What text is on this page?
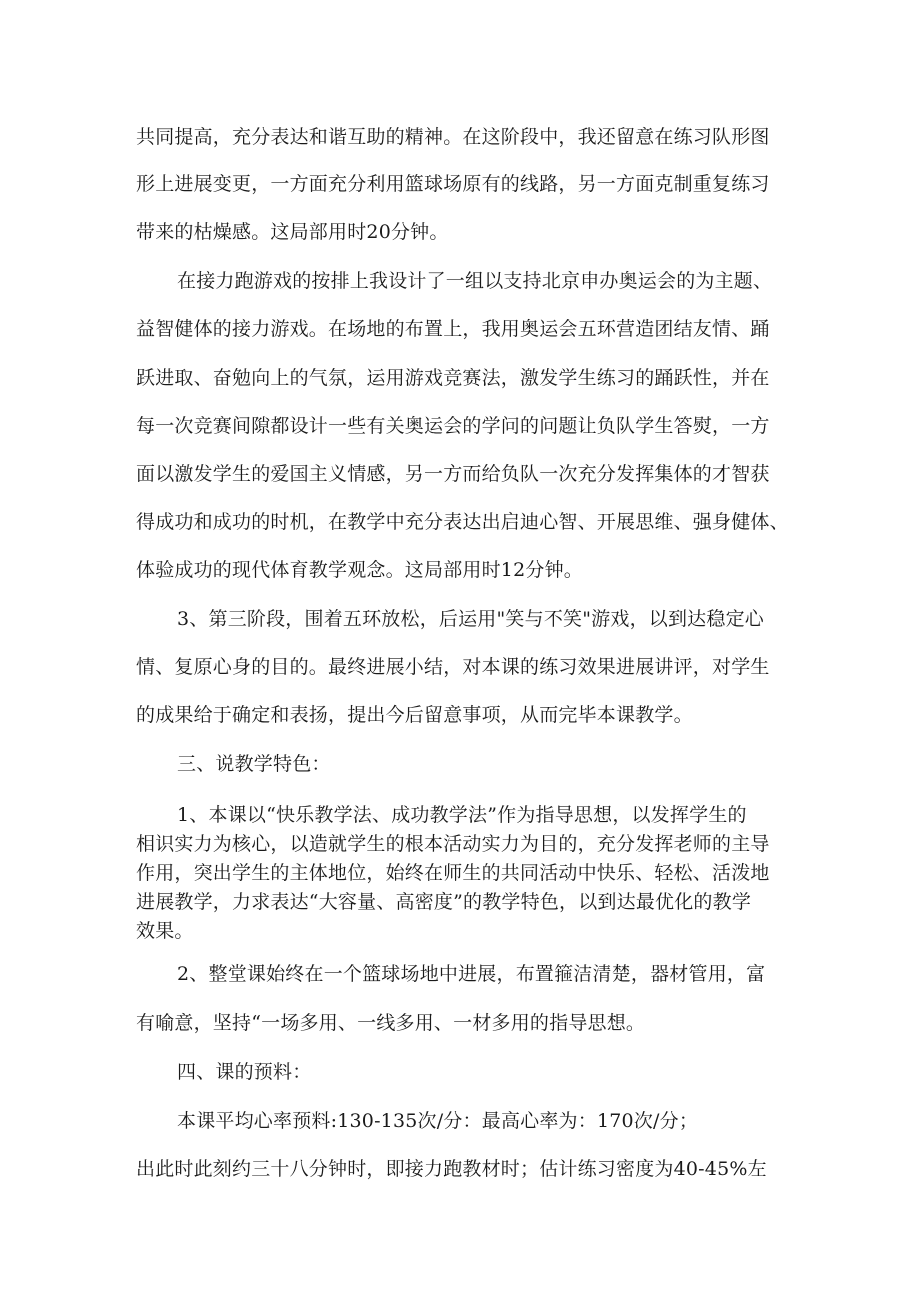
共同提高，充分表达和谐互助的精神。在这阶段中，我还留意在练习队形图
形上进展变更，一方面充分利用篮球场原有的线路，另一方面克制重复练习
带来的枯燥感。这局部用时20分钟。
在接力跑游戏的按排上我设计了一组以支持北京申办奥运会的为主题、
益智健体的接力游戏。在场地的布置上，我用奥运会五环营造团结友情、踊
跃进取、奋勉向上的气氛，运用游戏竞赛法，激发学生练习的踊跃性，并在
每一次竞赛间隙都设计一些有关奥运会的学问的问题让负队学生答熨，一方
面以激发学生的爱国主义情感，另一方而给负队一次充分发挥集体的才智获
得成功和成功的时机，在教学中充分表达出启迪心智、开展思维、强身健体、
体验成功的现代体育教学观念。这局部用时12分钟。
3、第三阶段，围着五环放松，后运用"笑与不笑"游戏，以到达稳定心
情、复原心身的目的。最终进展小结，对本课的练习效果进展讲评，对学生
的成果给于确定和表扬，提出今后留意事项，从而完毕本课教学。
三、说教学特色：
1、本课以“快乐教学法、成功教学法”作为指导思想，以发挥学生的
相识实力为核心，以造就学生的根本活动实力为目的，充分发挥老师的主导
作用，突出学生的主体地位，始终在师生的共同活动中快乐、轻松、活泼地
进展教学，力求表达“大容量、高密度”的教学特色，以到达最优化的教学
效果。
2、整堂课始终在一个篮球场地中进展，布置箍洁清楚，器材管用，富
有喻意，坚持“一场多用、一线多用、一材多用的指导思想。
四、课的预料：
本课平均心率预料:130-135次/分：最高心率为：170次/分；
出此时此刻约三十八分钟时，即接力跑教材时；估计练习密度为40-45%左
